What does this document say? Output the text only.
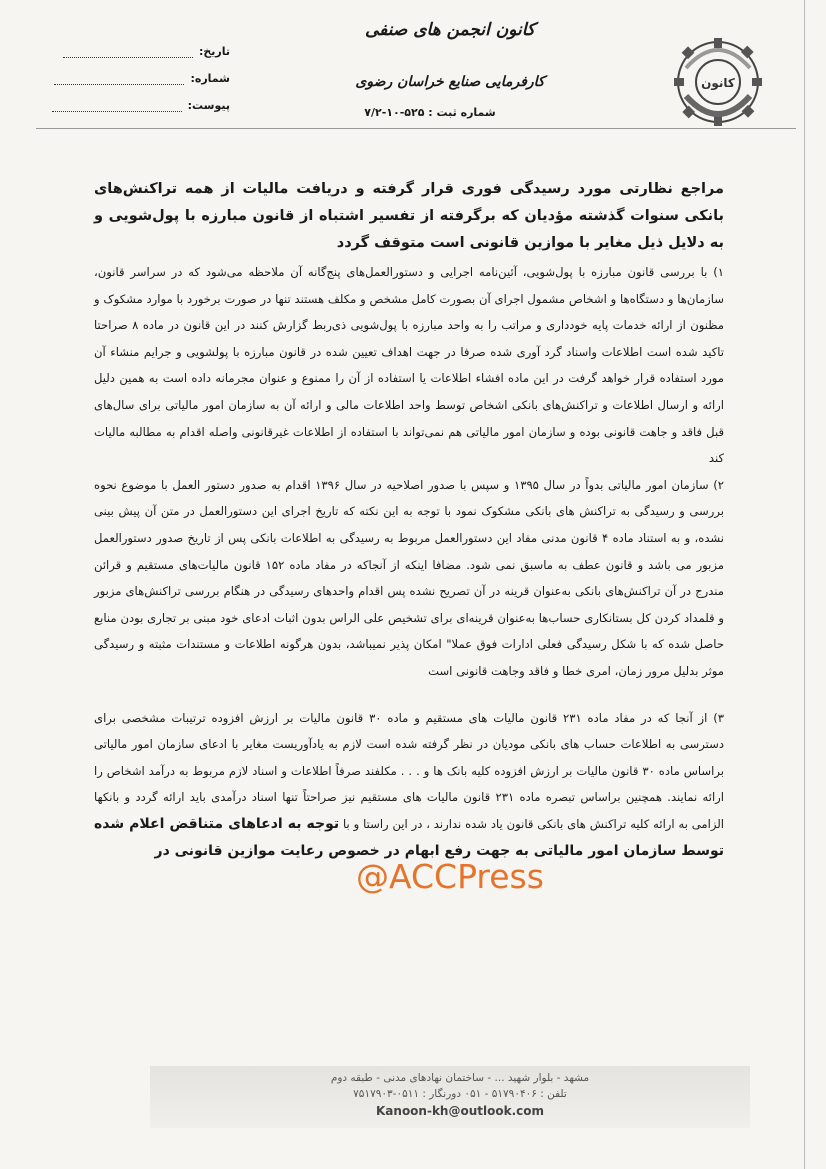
تاریخ:
شماره:
پیوست:
کانون انجمن های صنفی
کارفرمایی صنایع خراسان رضوی
شماره ثبت : ۵۲۵-۱۰-۷/۲
کانون

مراجع نظارتی مورد رسیدگی فوری قرار گرفته و دریافت مالیات از همه تراکنش‌های بانکی سنوات گذشته مؤدیان که برگرفته از تفسیر اشتباه از قانون مبارزه با پول‌شویی و به دلایل ذیل مغایر با موازین قانونی است متوقف گردد

۱) با بررسی قانون مبارزه با پول‌شویی، آئین‌نامه اجرایی و دستورالعمل‌های پنج‌گانه آن ملاحظه می‌شود که در سراسر قانون، سازمان‌ها و دستگاه‌ها و اشخاص مشمول اجرای آن بصورت کامل مشخص و مکلف هستند تنها در صورت برخورد با موارد مشکوک و مظنون از ارائه خدمات پایه خودداری و مراتب را به واحد مبارزه با پول‌شویی ذی‌ربط گزارش کنند در این قانون در ماده ۸ صراحتا تاکید شده است اطلاعات واسناد گرد آوری شده صرفا در جهت اهداف تعیین شده در قانون مبارزه با پولشویی و جرایم منشاء آن مورد استفاده قرار خواهد گرفت در این ماده افشاء اطلاعات یا استفاده از آن را ممنوع و عنوان مجرمانه داده است به همین دلیل ارائه و ارسال اطلاعات و تراکنش‌های بانکی اشخاص توسط واحد اطلاعات مالی و ارائه آن به سازمان امور مالیاتی برای سال‌های قبل فاقد و جاهت قانونی بوده و سازمان امور مالیاتی هم نمی‌تواند با استفاده از اطلاعات غیرقانونی واصله اقدام به مطالبه مالیات کند

۲) سازمان امور مالیاتی بدواً در سال ۱۳۹۵ و سپس با صدور اصلاحیه در سال ۱۳۹۶ اقدام به صدور دستور العمل با موضوع نحوه بررسی و رسیدگی به تراکنش های بانکی مشکوک نمود با توجه به این نکته که تاریخ اجرای این دستورالعمل در متن آن پیش بینی نشده، و به استناد ماده ۴ قانون مدنی مفاد این دستورالعمل مربوط به رسیدگی به اطلاعات بانکی پس از تاریخ صدور دستورالعمل مزبور می باشد و قانون عطف به ماسبق نمی شود. مضافا اینکه از آنجاکه در مفاد ماده ۱۵۲ قانون مالیات‌های مستقیم و قرائن مندرج در آن تراکنش‌های بانکی به‌عنوان قرینه در آن تصریح نشده پس اقدام واحدهای رسیدگی در هنگام بررسی تراکنش‌های مزبور و قلمداد کردن کل بستانکاری حساب‌ها به‌عنوان قرینه‌ای برای تشخیص علی الراس بدون اثبات ادعای خود مبنی بر تجاری بودن منابع حاصل شده که با شکل رسیدگی فعلی ادارات فوق عملا" امکان پذیر نمیباشد، بدون هرگونه اطلاعات و مستندات مثبته و رسیدگی موثر بدلیل مرور زمان، امری خطا و فاقد وجاهت قانونی است

۳) از آنجا که در مفاد ماده ۲۳۱ قانون مالیات های مستقیم و ماده ۳۰ قانون مالیات بر ارزش افزوده ترتیبات مشخصی برای دسترسی به اطلاعات حساب های بانکی مودیان در نظر گرفته شده است لازم به یادآوریست مغایر با ادعای سازمان امور مالیاتی براساس ماده ۳۰ قانون مالیات بر ارزش افزوده کلیه بانک ها و . . . مکلفند صرفاً اطلاعات و اسناد لازم مربوط به درآمد اشخاص را ارائه نمایند. همچنین براساس تبصره ماده ۲۳۱ قانون مالیات های مستقیم نیز صراحتاً تنها اسناد درآمدی باید ارائه گردد و بانکها الزامی به ارائه کلیه تراکنش های بانکی قانون یاد شده ندارند ، در این راستا و با توجه به ادعاهای متناقض اعلام شده توسط سازمان امور مالیاتی به جهت رفع ابهام در خصوص رعایت موازین قانونی در

@ACCPress
مشهد - بلوار شهید ... - ساختمان نهادهای مدنی - طبقه دوم
تلفن : ۵۱۷۹۰۴۰۶ - ۰۵۱ دورنگار : ۰۵۱۱-۷۵۱۷۹۰۳
Kanoon-kh@outlook.com
